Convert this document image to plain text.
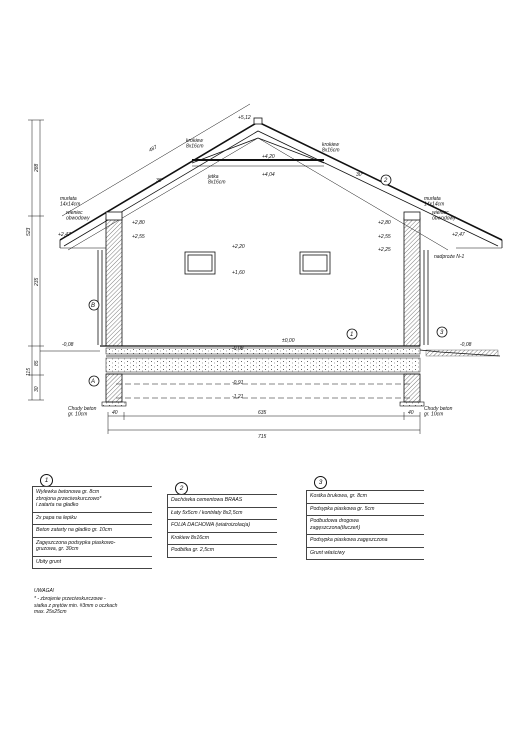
487
288
523
235
115
85
30
40	635	40
715
+5,12
+4,20
+4,04
+2,80
+2,55
+2,47
+2,20
+1,60
+2,80
+2,55	+2,47
+2,25
±0,00
-0,08
-0,08
-0,08
-0,91
-1,21
30°
30°
krokiew 8x16cm	krokiew 8x16cm
jetka 8x16cm
murłata 14x14cm
wieniec obwodowy
murłata 14x14cm
wieniec obwodowy
nadproże N-1
Chudy beton gr. 10cm
Chudy beton gr. 10cm
B
A
1
2
3
1
Wylewka betonowa gr. 8cm
zbrojona przeciwskurczowo*
i zatarta na gładko
2x papa na lepiku
Beton zatarty na gładko gr. 10cm
Zagęszczona podsypka piaskowo-
gruzowa, gr. 30cm
Ubity grunt
2
Dachówka cementowa BRAAS
Łaty 5x5cm / kontrłaty 8x2,5cm
FOLIA DACHOWA (wiatroizolacja)
Krokiew 8x16cm
Podbitka gr. 2,5cm
3
Kostka brukowa, gr. 8cm
Podsypka piaskowa gr. 5cm
Podbudowa drogowa
zagęszczona(tłuczeń)
Podsypka piaskowa zagęszczona
Grunt właściwy
UWAGA!
* - zbrojenie przeciwskurczowe -
siatka z prętów min. #3mm o oczkach
max. 25x25cm
